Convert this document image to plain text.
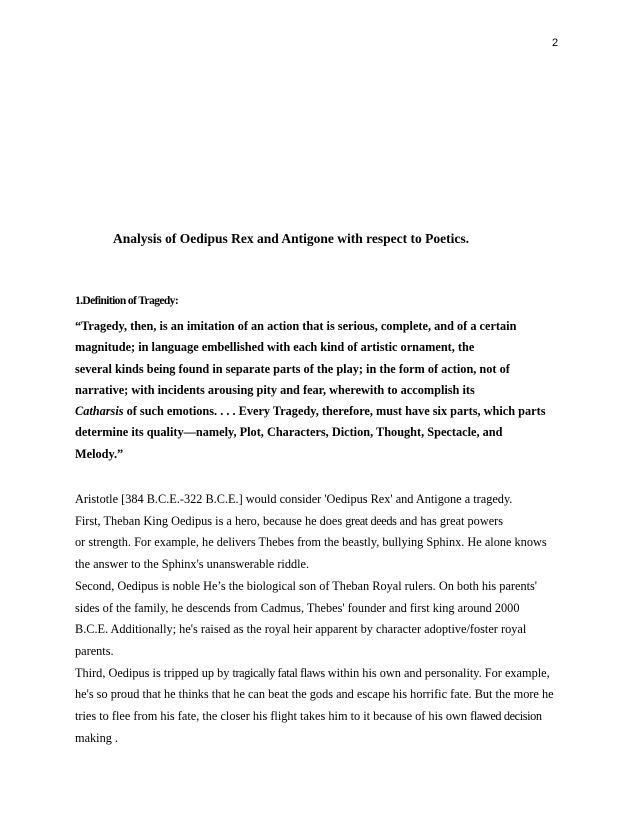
2
Analysis of Oedipus Rex and Antigone with respect to Poetics.
1.Definition of Tragedy:
“Tragedy, then, is an imitation of an action that is serious, complete, and of a certain
magnitude; in language embellished with each kind of artistic ornament, the
several kinds being found in separate parts of the play; in the form of action, not of
narrative; with incidents arousing pity and fear, wherewith to accomplish its
Catharsis of such emotions. . . . Every Tragedy, therefore, must have six parts, which parts
determine its quality—namely, Plot, Characters, Diction, Thought, Spectacle, and
Melody.”
Aristotle [384 B.C.E.-322 B.C.E.] would consider 'Oedipus Rex' and Antigone a tragedy.
First, Theban King Oedipus is a hero, because he does great deeds and has great powers
or strength. For example, he delivers Thebes from the beastly, bullying Sphinx. He alone knows
the answer to the Sphinx's unanswerable riddle.
Second, Oedipus is noble He’s the biological son of Theban Royal rulers. On both his parents'
sides of the family, he descends from Cadmus, Thebes' founder and first king around 2000
B.C.E. Additionally; he's raised as the royal heir apparent by character adoptive/foster royal
parents.
Third, Oedipus is tripped up by tragically fatal flaws within his own and personality. For example,
he's so proud that he thinks that he can beat the gods and escape his horrific fate. But the more he
tries to flee from his fate, the closer his flight takes him to it because of his own flawed decision
making .
